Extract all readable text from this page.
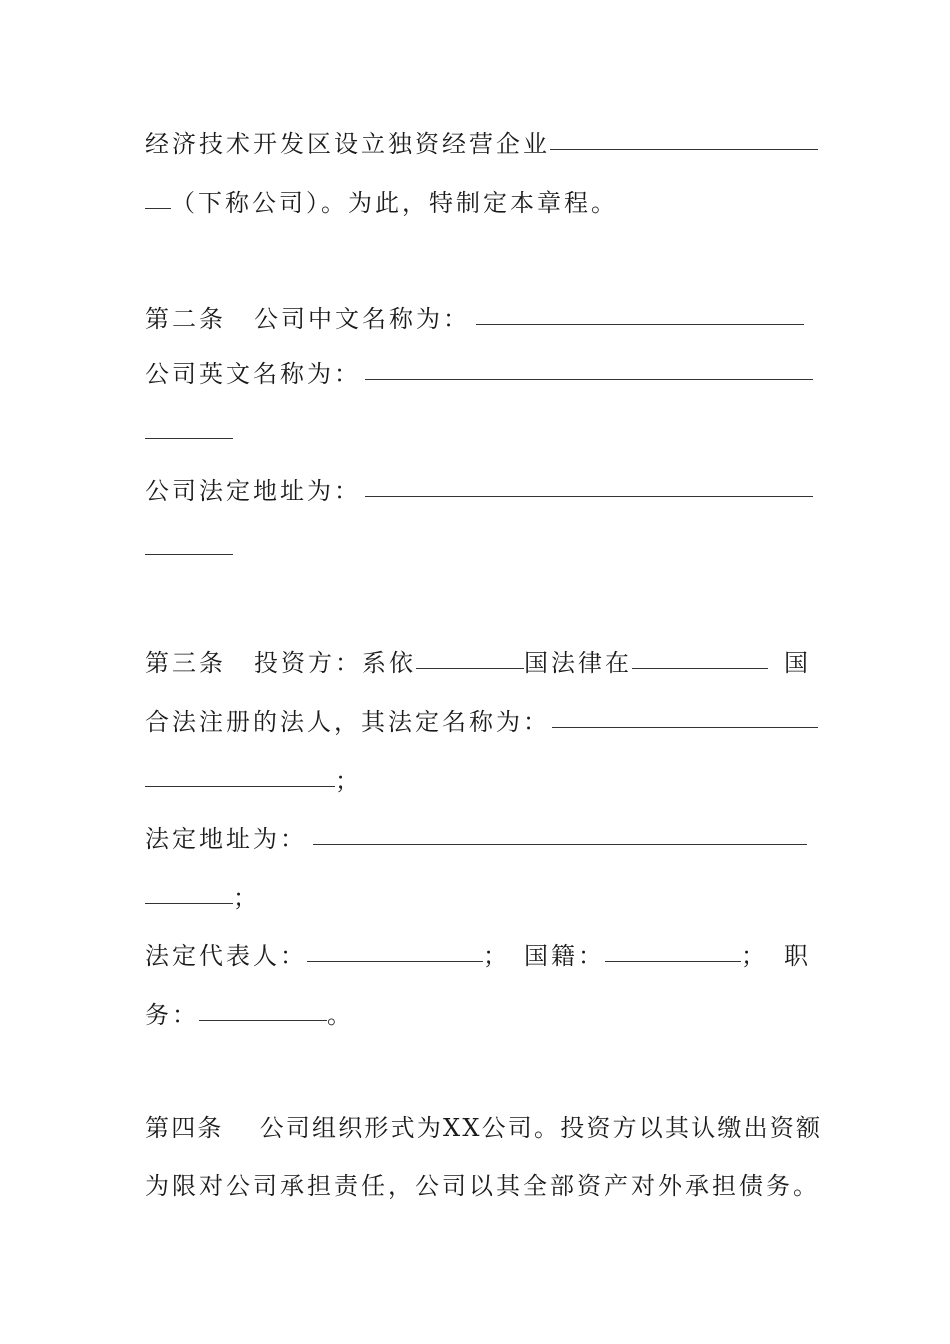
经济技术开发区设立独资经营企业
（下称公司）。为此，特制定本章程。
第二条 公司中文名称为：
公司英文名称为：
公司法定地址为：
第三条 投资方：系依	国法律在	国
合法注册的法人，其法定名称为：
；
法定地址为：
；
法定代表人：	； 国籍：	； 职
务：	。
第四条　 公司组织形式为XX公司。投资方以其认缴出资额
为限对公司承担责任，公司以其全部资产对外承担债务。
